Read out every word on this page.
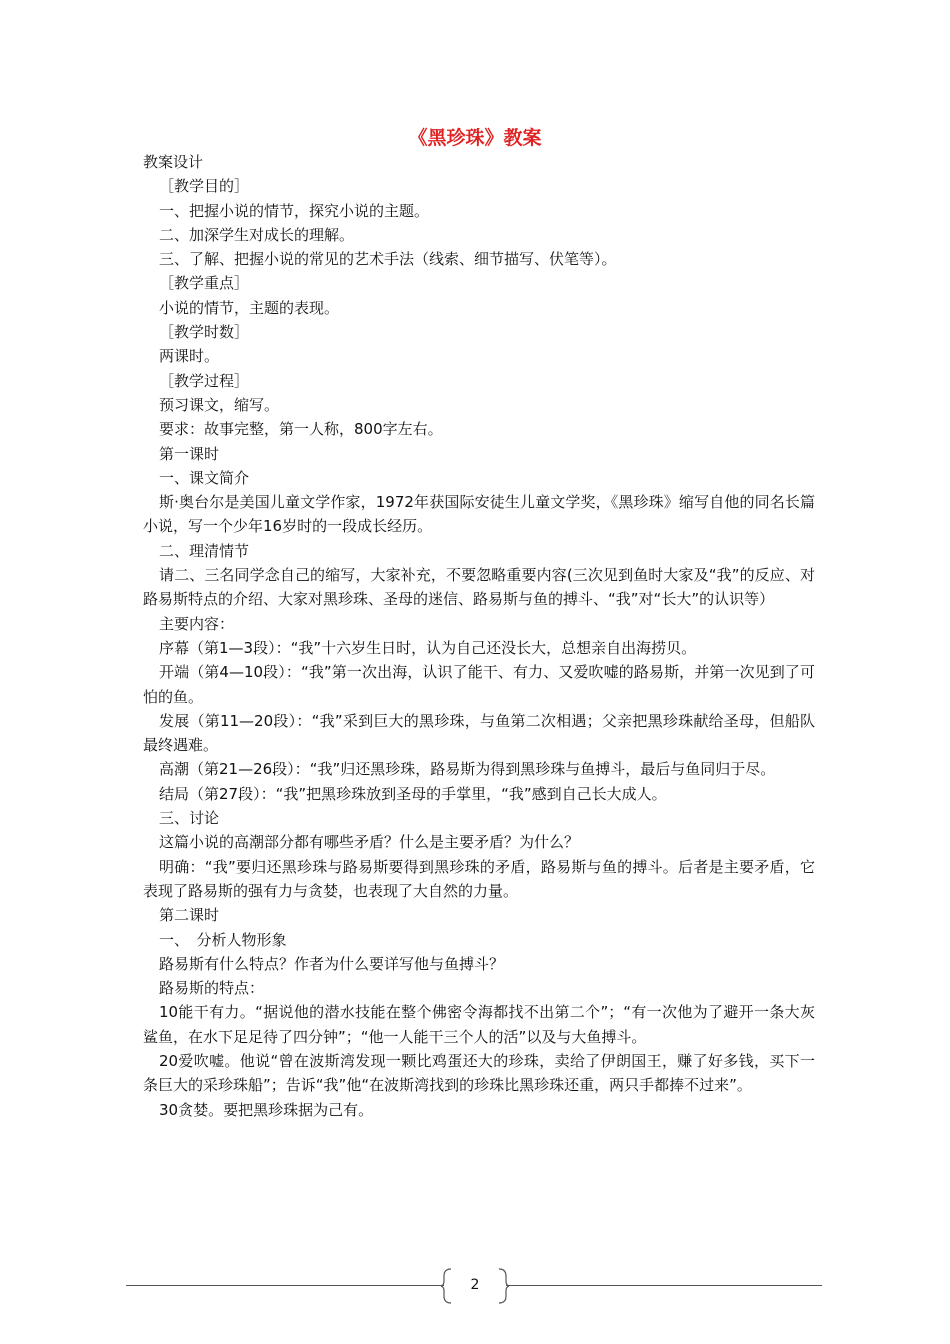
《黑珍珠》教案

教案设计

［教学目的］

一、把握小说的情节，探究小说的主题。

二、加深学生对成长的理解。

三、了解、把握小说的常见的艺术手法（线索、细节描写、伏笔等）。

［教学重点］

小说的情节，主题的表现。

［教学时数］

两课时。

［教学过程］

预习课文，缩写。

要求：故事完整，第一人称，800字左右。

第一课时

一、课文简介

斯·奥台尔是美国儿童文学作家，1972年获国际安徒生儿童文学奖，《黑珍珠》缩写自他的同名长篇小说，写一个少年16岁时的一段成长经历。

二、理清情节

请二、三名同学念自己的缩写，大家补充，不要忽略重要内容(三次见到鱼时大家及“我”的反应、对路易斯特点的介绍、大家对黑珍珠、圣母的迷信、路易斯与鱼的搏斗、“我”对“长大”的认识等）

主要内容：

序幕（第1—3段）：“我”十六岁生日时，认为自己还没长大，总想亲自出海捞贝。

开端（第4—10段）：“我”第一次出海，认识了能干、有力、又爱吹嘘的路易斯，并第一次见到了可怕的鱼。

发展（第11—20段）：“我”采到巨大的黑珍珠，与鱼第二次相遇；父亲把黑珍珠献给圣母，但船队最终遇难。

高潮（第21—26段）：“我”归还黑珍珠，路易斯为得到黑珍珠与鱼搏斗，最后与鱼同归于尽。

结局（第27段）：“我”把黑珍珠放到圣母的手掌里，“我”感到自己长大成人。

三、讨论

这篇小说的高潮部分都有哪些矛盾？什么是主要矛盾？为什么？

明确：“我”要归还黑珍珠与路易斯要得到黑珍珠的矛盾，路易斯与鱼的搏斗。后者是主要矛盾，它表现了路易斯的强有力与贪婪，也表现了大自然的力量。

第二课时

一、　分析人物形象

路易斯有什么特点？作者为什么要详写他与鱼搏斗？

路易斯的特点：

10能干有力。“据说他的潜水技能在整个佛密令海都找不出第二个”；“有一次他为了避开一条大灰鲨鱼，在水下足足待了四分钟”；“他一人能干三个人的活”以及与大鱼搏斗。

20爱吹嘘。他说“曾在波斯湾发现一颗比鸡蛋还大的珍珠，卖给了伊朗国王，赚了好多钱，买下一条巨大的采珍珠船”；告诉“我”他“在波斯湾找到的珍珠比黑珍珠还重，两只手都捧不过来”。

30贪婪。要把黑珍珠据为己有。

2
